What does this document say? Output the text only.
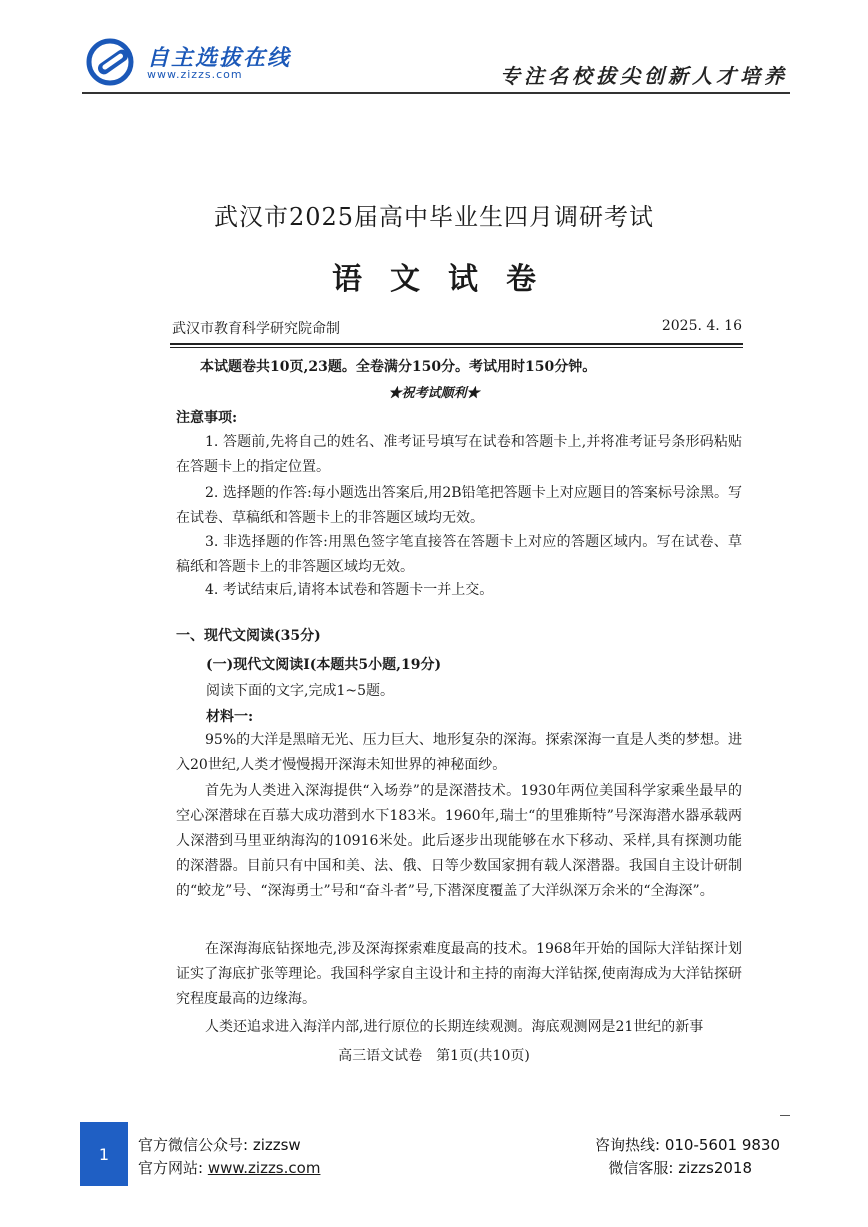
自主选拔在线
www.zizzs.com	专注名校拔尖创新人才培养
武汉市2025届高中毕业生四月调研考试
语文试卷
武汉市教育科学研究院命制	2025. 4. 16
本试题卷共10页,23题。全卷满分150分。考试用时150分钟。
★祝考试顺利★
注意事项:
1. 答题前,先将自己的姓名、准考证号填写在试卷和答题卡上,并将准考证号条形码粘贴在答题卡上的指定位置。
2. 选择题的作答:每小题选出答案后,用2B铅笔把答题卡上对应题目的答案标号涂黑。写在试卷、草稿纸和答题卡上的非答题区域均无效。
3. 非选择题的作答:用黑色签字笔直接答在答题卡上对应的答题区域内。写在试卷、草稿纸和答题卡上的非答题区域均无效。
4. 考试结束后,请将本试卷和答题卡一并上交。
一、现代文阅读(35分)
(一)现代文阅读Ⅰ(本题共5小题,19分)
阅读下面的文字,完成1~5题。
材料一:
95%的大洋是黑暗无光、压力巨大、地形复杂的深海。探索深海一直是人类的梦想。进入20世纪,人类才慢慢揭开深海未知世界的神秘面纱。
首先为人类进入深海提供“入场券”的是深潜技术。1930年两位美国科学家乘坐最早的空心深潜球在百慕大成功潜到水下183米。1960年,瑞士“的里雅斯特”号深海潜水器承载两人深潜到马里亚纳海沟的10916米处。此后逐步出现能够在水下移动、采样,具有探测功能的深潜器。目前只有中国和美、法、俄、日等少数国家拥有载人深潜器。我国自主设计研制的“蛟龙”号、“深海勇士”号和“奋斗者”号,下潜深度覆盖了大洋纵深万余米的“全海深”。
在深海海底钻探地壳,涉及深海探索难度最高的技术。1968年开始的国际大洋钻探计划证实了海底扩张等理论。我国科学家自主设计和主持的南海大洋钻探,使南海成为大洋钻探研究程度最高的边缘海。
人类还追求进入海洋内部,进行原位的长期连续观测。海底观测网是21世纪的新事
高三语文试卷　第1页(共10页)
1	官方微信公众号: zizzsw
官方网站: www.zizzs.com
咨询热线: 010-5601 9830
微信客服: zizzs2018
